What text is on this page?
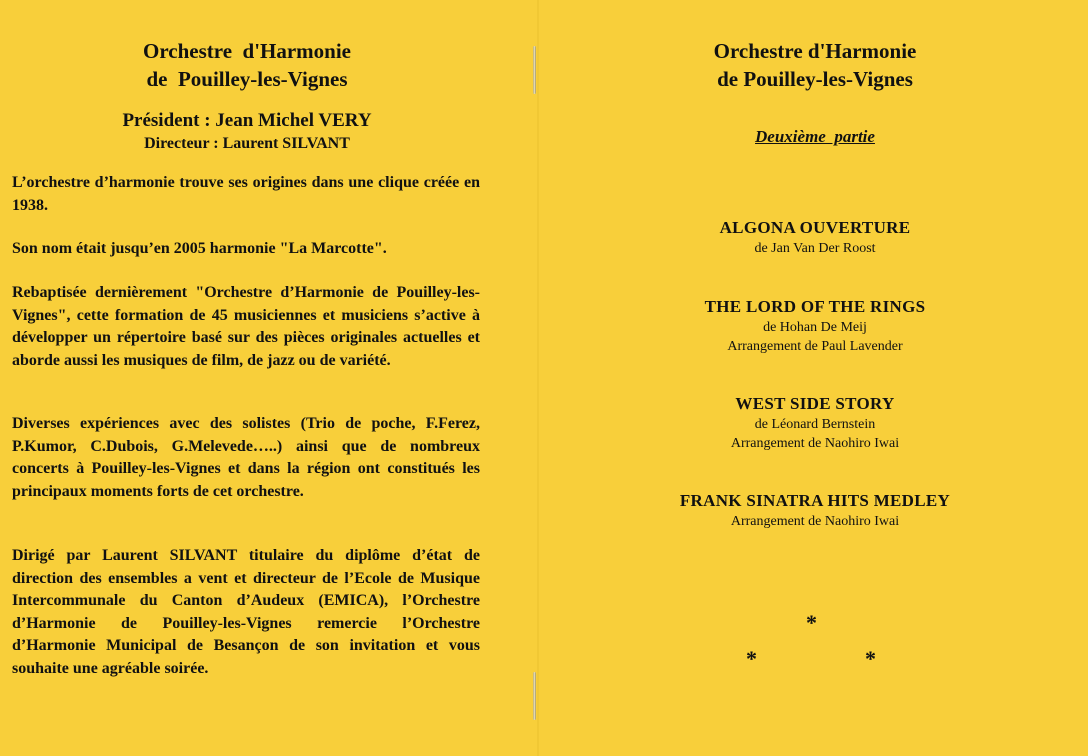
Orchestre  d'Harmonie
de  Pouilley-les-Vignes
Président : Jean Michel VERY
Directeur : Laurent SILVANT

L’orchestre d’harmonie trouve ses origines dans une clique créée en 1938.

Son nom était jusqu’en 2005 harmonie "La Marcotte".

Rebaptisée dernièrement "Orchestre d’Harmonie de Pouilley-les-Vignes", cette formation de 45 musiciennes et musiciens s’active à développer un répertoire basé sur des pièces originales actuelles et aborde aussi les musiques de film, de jazz ou de variété.

Diverses expériences avec des solistes (Trio de poche, F.Ferez, P.Kumor, C.Dubois, G.Melevede…..) ainsi que de nombreux concerts à Pouilley-les-Vignes et dans la région ont constitués les principaux moments forts de cet orchestre.

Dirigé par Laurent SILVANT titulaire du diplôme d’état de direction des ensembles a vent et directeur de l’Ecole de Musique Intercommunale du Canton d’Audeux (EMICA), l’Orchestre d’Harmonie de Pouilley-les-Vignes remercie l’Orchestre d’Harmonie Municipal de Besançon de son invitation et vous souhaite une agréable soirée.

Orchestre d'Harmonie
de Pouilley-les-Vignes
Deuxième  partie
ALGONA OUVERTURE
de Jan Van Der Roost
THE LORD OF THE RINGS
de Hohan De Meij
Arrangement de Paul Lavender
WEST SIDE STORY
de Léonard Bernstein
Arrangement de Naohiro Iwai
FRANK SINATRA HITS MEDLEY
Arrangement de Naohiro Iwai
*
*	*
